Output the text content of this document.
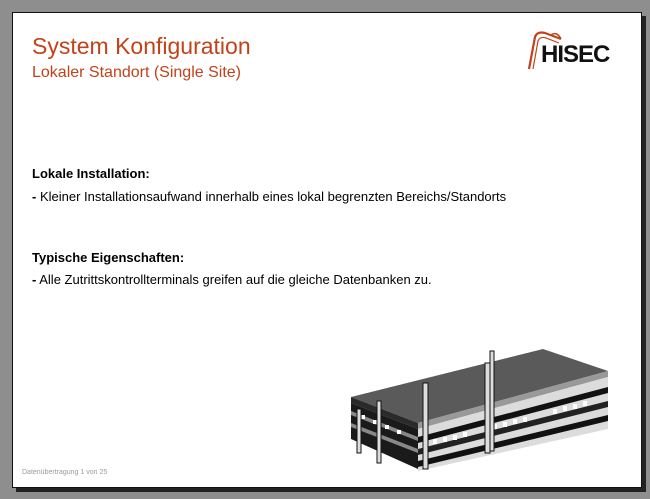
System Konfiguration
Lokaler Standort (Single Site)
HISEC
Lokale Installation:
- Kleiner Installationsaufwand innerhalb eines lokal begrenzten Bereichs/Standorts
Typische Eigenschaften:
- Alle Zutrittskontrollterminals greifen auf die gleiche Datenbanken zu.
Datenübertragung 1 von 25
